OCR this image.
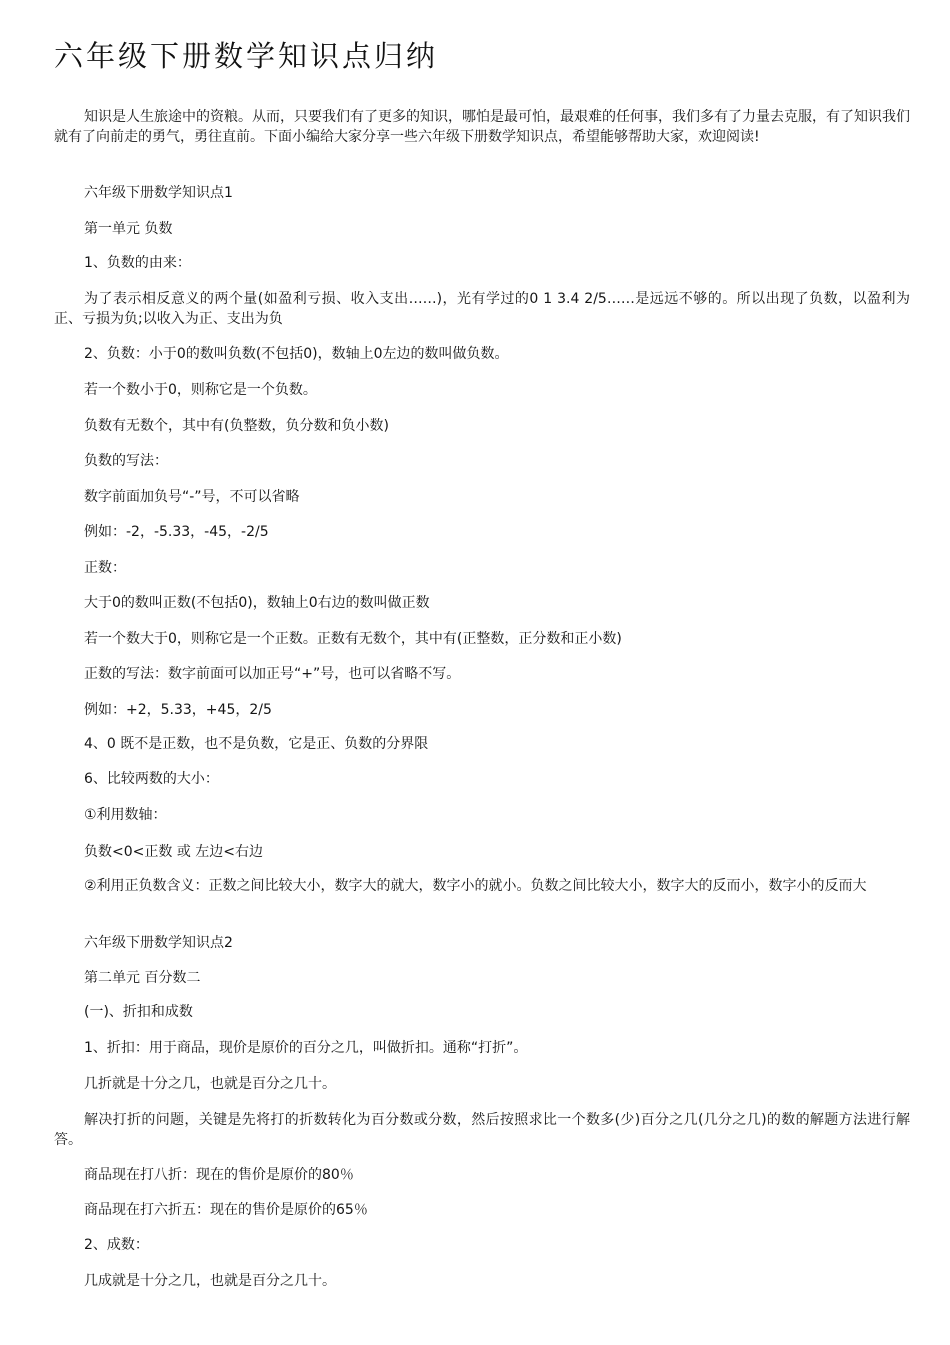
六年级下册数学知识点归纳

知识是人生旅途中的资粮。从而，只要我们有了更多的知识，哪怕是最可怕，最艰难的任何事，我们多有了力量去克服，有了知识我们就有了向前走的勇气，勇往直前。下面小编给大家分享一些六年级下册数学知识点，希望能够帮助大家，欢迎阅读!

六年级下册数学知识点1

第一单元 负数

1、负数的由来：

为了表示相反意义的两个量(如盈利亏损、收入支出……)，光有学过的0 1 3.4 2/5……是远远不够的。所以出现了负数，以盈利为正、亏损为负;以收入为正、支出为负

2、负数：小于0的数叫负数(不包括0)，数轴上0左边的数叫做负数。

若一个数小于0，则称它是一个负数。

负数有无数个，其中有(负整数，负分数和负小数)

负数的写法：

数字前面加负号“-”号，不可以省略

例如：-2，-5.33，-45，-2/5

正数：

大于0的数叫正数(不包括0)，数轴上0右边的数叫做正数

若一个数大于0，则称它是一个正数。正数有无数个，其中有(正整数，正分数和正小数)

正数的写法：数字前面可以加正号“+”号，也可以省略不写。

例如：+2，5.33，+45，2/5

4、0 既不是正数，也不是负数，它是正、负数的分界限

6、比较两数的大小：

①利用数轴：

负数<0<正数 或 左边<右边

②利用正负数含义：正数之间比较大小，数字大的就大，数字小的就小。负数之间比较大小，数字大的反而小，数字小的反而大

六年级下册数学知识点2

第二单元 百分数二

(一)、折扣和成数

1、折扣：用于商品，现价是原价的百分之几，叫做折扣。通称“打折”。

几折就是十分之几，也就是百分之几十。

解决打折的问题，关键是先将打的折数转化为百分数或分数，然后按照求比一个数多(少)百分之几(几分之几)的数的解题方法进行解答。

商品现在打八折：现在的售价是原价的80％

商品现在打六折五：现在的售价是原价的65％

2、成数：

几成就是十分之几，也就是百分之几十。
